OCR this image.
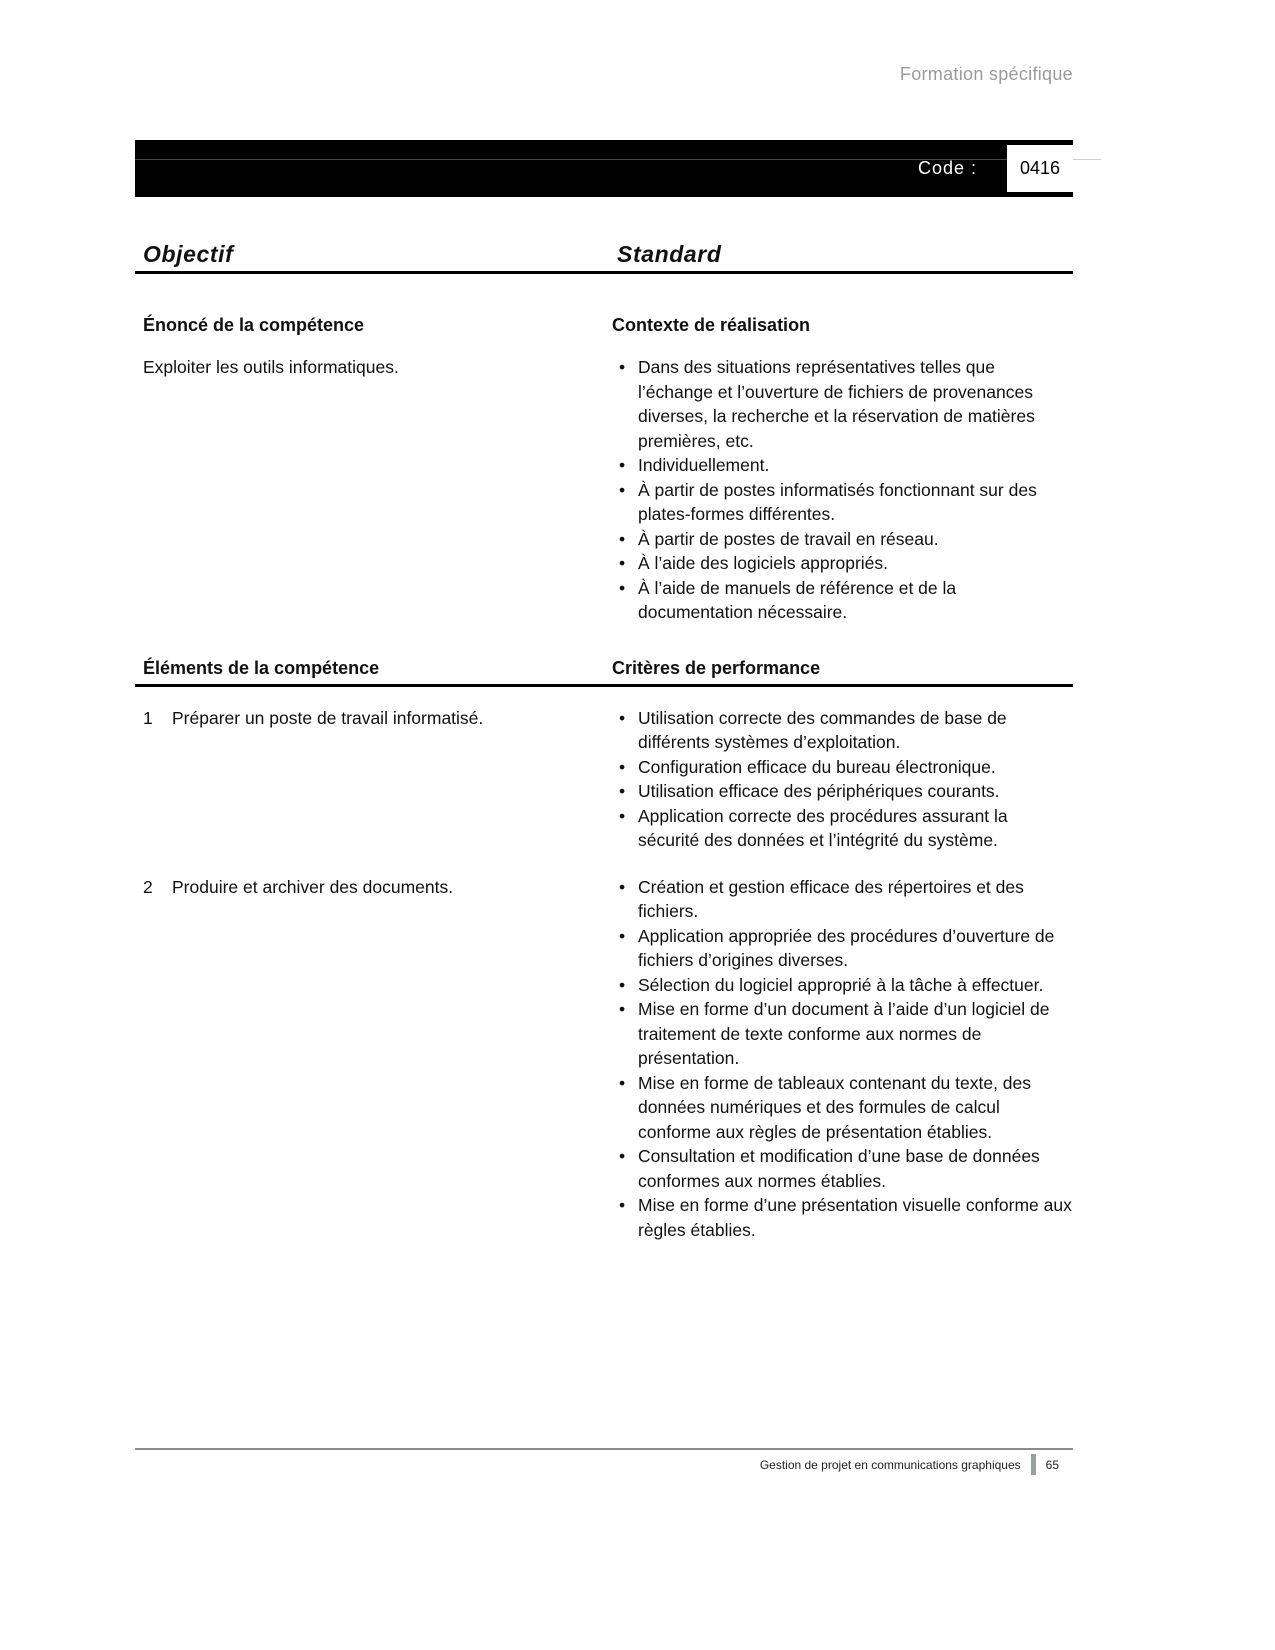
Formation spécifique
Code :	0416
Objectif	Standard
Énoncé de la compétence	Contexte de réalisation
Exploiter les outils informatiques.	• Dans des situations représentatives telles que l’échange et l’ouverture de fichiers de provenances diverses, la recherche et la réservation de matières premières, etc.
• Individuellement.
• À partir de postes informatisés fonctionnant sur des plates-formes différentes.
• À partir de postes de travail en réseau.
• À l’aide des logiciels appropriés.
• À l’aide de manuels de référence et de la documentation nécessaire.
Éléments de la compétence	Critères de performance
1	Préparer un poste de travail informatisé.	• Utilisation correcte des commandes de base de différents systèmes d’exploitation.
• Configuration efficace du bureau électronique.
• Utilisation efficace des périphériques courants.
• Application correcte des procédures assurant la sécurité des données et l’intégrité du système.
2	Produire et archiver des documents.	• Création et gestion efficace des répertoires et des fichiers.
• Application appropriée des procédures d’ouverture de fichiers d’origines diverses.
• Sélection du logiciel approprié à la tâche à effectuer.
• Mise en forme d’un document à l’aide d’un logiciel de traitement de texte conforme aux normes de présentation.
• Mise en forme de tableaux contenant du texte, des données numériques et des formules de calcul conforme aux règles de présentation établies.
• Consultation et modification d’une base de données conformes aux normes établies.
• Mise en forme d’une présentation visuelle conforme aux règles établies.
Gestion de projet en communications graphiques 65
